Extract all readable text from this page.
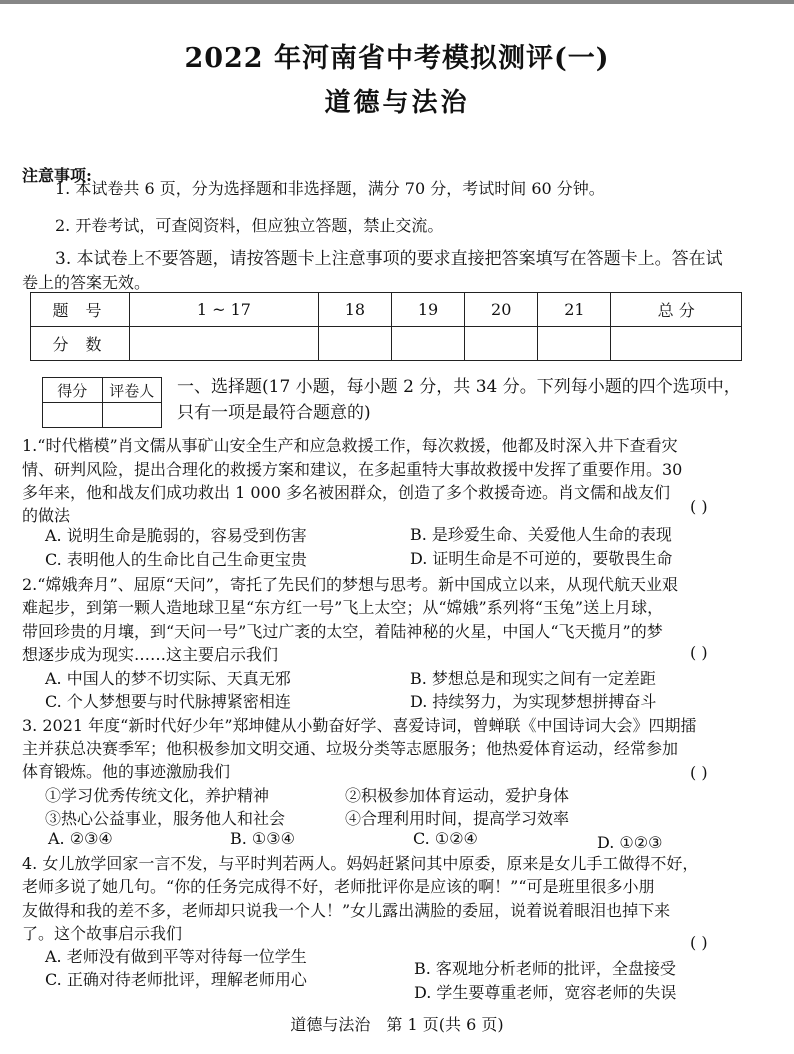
2022 年河南省中考模拟测评(一)
道德与法治
注意事项:
1. 本试卷共 6 页，分为选择题和非选择题，满分 70 分，考试时间 60 分钟。
2. 开卷考试，可查阅资料，但应独立答题，禁止交流。
3. 本试卷上不要答题，请按答题卡上注意事项的要求直接把答案填写在答题卡上。答在试
卷上的答案无效。
题 号	1 ~ 17	18	19	20	21	总 分
分 数						
得分	评卷人
	一、选择题(17 小题，每小题 2 分，共 34 分。下列每小题的四个选项中，
只有一项是最符合题意的)
1.“时代楷模”肖文儒从事矿山安全生产和应急救援工作，每次救援，他都及时深入井下查看灾
情、研判风险，提出合理化的救援方案和建议，在多起重特大事故救援中发挥了重要作用。30
多年来，他和战友们成功救出 1 000 多名被困群众，创造了多个救援奇迹。肖文儒和战友们
的做法	( )
A. 说明生命是脆弱的，容易受到伤害	B. 是珍爱生命、关爱他人生命的表现
C. 表明他人的生命比自己生命更宝贵	D. 证明生命是不可逆的，要敬畏生命
2.“嫦娥奔月”、屈原“天问”，寄托了先民们的梦想与思考。新中国成立以来，从现代航天业艰
难起步，到第一颗人造地球卫星“东方红一号”飞上太空；从“嫦娥”系列将“玉兔”送上月球，
带回珍贵的月壤，到“天问一号”飞过广袤的太空，着陆神秘的火星，中国人“飞天揽月”的梦
想逐步成为现实……这主要启示我们	( )
A. 中国人的梦不切实际、天真无邪	B. 梦想总是和现实之间有一定差距
C. 个人梦想要与时代脉搏紧密相连	D. 持续努力，为实现梦想拼搏奋斗
3. 2021 年度“新时代好少年”郑坤健从小勤奋好学、喜爱诗词，曾蝉联《中国诗词大会》四期擂
主并获总决赛季军；他积极参加文明交通、垃圾分类等志愿服务；他热爱体育运动，经常参加
体育锻炼。他的事迹激励我们	( )
①学习优秀传统文化，养护精神	②积极参加体育运动，爱护身体
③热心公益事业，服务他人和社会	④合理利用时间，提高学习效率
A. ②③④	B. ①③④	C. ①②④	D. ①②③
4. 女儿放学回家一言不发，与平时判若两人。妈妈赶紧问其中原委，原来是女儿手工做得不好，
老师多说了她几句。“你的任务完成得不好，老师批评你是应该的啊！”“可是班里很多小朋
友做得和我的差不多，老师却只说我一个人！”女儿露出满脸的委屈，说着说着眼泪也掉下来
了。这个故事启示我们	( )
A. 老师没有做到平等对待每一位学生
B. 客观地分析老师的批评，全盘接受
C. 正确对待老师批评，理解老师用心
D. 学生要尊重老师，宽容老师的失误
道德与法治　第 1 页(共 6 页)
